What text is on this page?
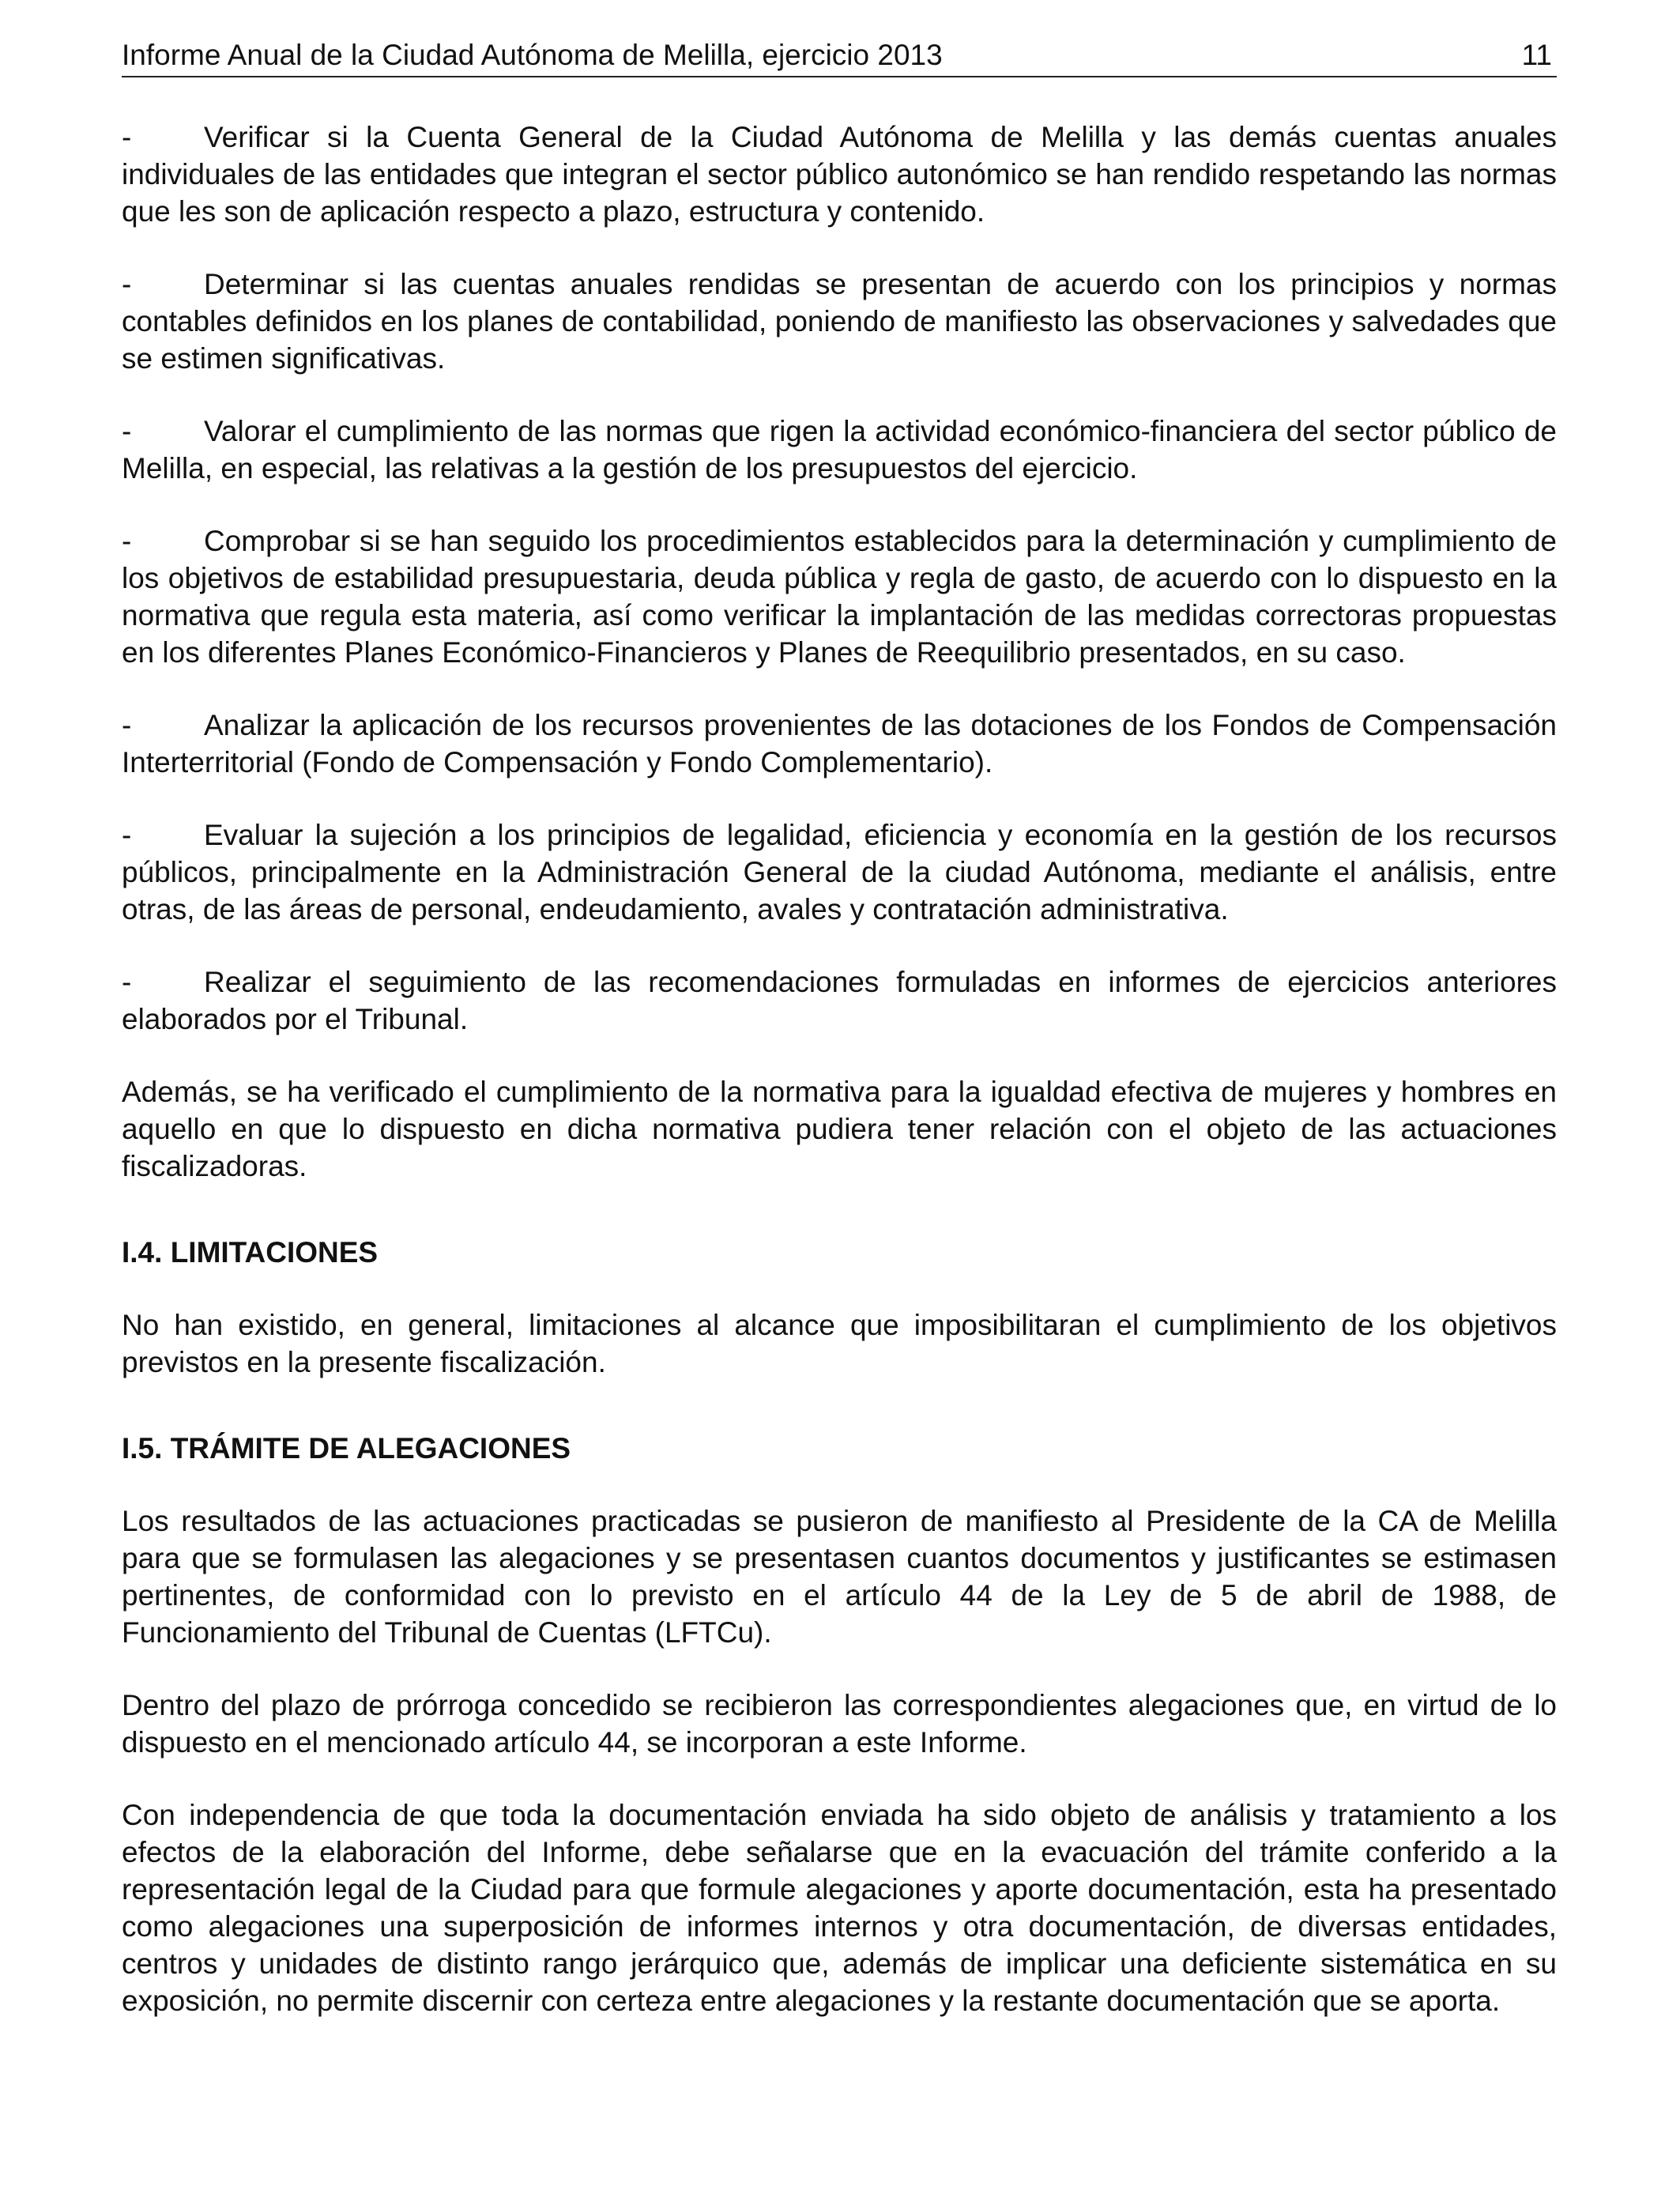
Informe Anual de la Ciudad Autónoma de Melilla, ejercicio 2013	11
- Verificar si la Cuenta General de la Ciudad Autónoma de Melilla y las demás cuentas anuales individuales de las entidades que integran el sector público autonómico se han rendido respetando las normas que les son de aplicación respecto a plazo, estructura y contenido.
- Determinar si las cuentas anuales rendidas se presentan de acuerdo con los principios y normas contables definidos en los planes de contabilidad, poniendo de manifiesto las observaciones y salvedades que se estimen significativas.
- Valorar el cumplimiento de las normas que rigen la actividad económico-financiera del sector público de Melilla, en especial, las relativas a la gestión de los presupuestos del ejercicio.
- Comprobar si se han seguido los procedimientos establecidos para la determinación y cumplimiento de los objetivos de estabilidad presupuestaria, deuda pública y regla de gasto, de acuerdo con lo dispuesto en la normativa que regula esta materia, así como verificar la implantación de las medidas correctoras propuestas en los diferentes Planes Económico-Financieros y Planes de Reequilibrio presentados, en su caso.
- Analizar la aplicación de los recursos provenientes de las dotaciones de los Fondos de Compensación Interterritorial (Fondo de Compensación y Fondo Complementario).
- Evaluar la sujeción a los principios de legalidad, eficiencia y economía en la gestión de los recursos públicos, principalmente en la Administración General de la ciudad Autónoma, mediante el análisis, entre otras, de las áreas de personal, endeudamiento, avales y contratación administrativa.
- Realizar el seguimiento de las recomendaciones formuladas en informes de ejercicios anteriores elaborados por el Tribunal.

Además, se ha verificado el cumplimiento de la normativa para la igualdad efectiva de mujeres y hombres en aquello en que lo dispuesto en dicha normativa pudiera tener relación con el objeto de las actuaciones fiscalizadoras.

I.4. LIMITACIONES

No han existido, en general, limitaciones al alcance que imposibilitaran el cumplimiento de los objetivos previstos en la presente fiscalización.

I.5. TRÁMITE DE ALEGACIONES

Los resultados de las actuaciones practicadas se pusieron de manifiesto al Presidente de la CA de Melilla para que se formulasen las alegaciones y se presentasen cuantos documentos y justificantes se estimasen pertinentes, de conformidad con lo previsto en el artículo 44 de la Ley de 5 de abril de 1988, de Funcionamiento del Tribunal de Cuentas (LFTCu).

Dentro del plazo de prórroga concedido se recibieron las correspondientes alegaciones que, en virtud de lo dispuesto en el mencionado artículo 44, se incorporan a este Informe.

Con independencia de que toda la documentación enviada ha sido objeto de análisis y tratamiento a los efectos de la elaboración del Informe, debe señalarse que en la evacuación del trámite conferido a la representación legal de la Ciudad para que formule alegaciones y aporte documentación, esta ha presentado como alegaciones una superposición de informes internos y otra documentación, de diversas entidades, centros y unidades de distinto rango jerárquico que, además de implicar una deficiente sistemática en su exposición, no permite discernir con certeza entre alegaciones y la restante documentación que se aporta.
